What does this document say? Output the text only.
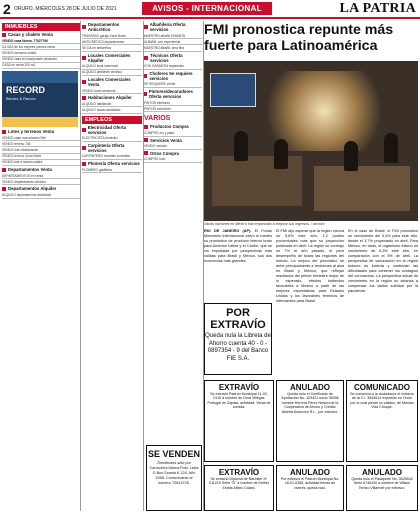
2 ORURO, MIÉRCOLES 28 DE JULIO DE 2021	AVISOS - INTERNACIONAL	LA PATRIA
INMUEBLES
Casas y chalets Venta
VENDO casa Nueva. 77627766
CA SAS de los mejores precios venta
VENDO hermoso chalet.
VENDO casa en inmejorable ubicación
CASA en venta 200 m2.
RECORD
Bienes & Raíces
Lotes y terrenos Venta
VENDO casa nueva barrio Ref.
VENDO terreno 7x8
VENDO lote urbanización
VENDO terreno Zona Norte
VENDO lote a media cuadra
Departamentos Venta
DEPARTAMENTOS en venta
VENDO departamento céntrico
Departamentos Alquiler
ALQUILO departamento amoblado
Departamentos Anticrético
TRASPASO garaje Zona Norte
ANTICRÉTICO departamento
SE DA en anticrético
Locales Comerciales Alquiler
ALQUILO local comercial
ALQUILO ambiente céntrico
Locales Comerciales Venta
VENDO local comercial
Habitaciones Alquiler
ALQUILO habitación
ALQUILO cuarto amoblado
EMPLEOS
Electricidad Oferta servicios
ELECTRICISTA domicilio
Carpintería Oferta servicios
CARPINTERO muebles a medida
Plomería Oferta servicios
PLOMERO gasfitería
Albañilería Oferta servicios
MAESTRO albañil 67684478
ALBAÑIL con experiencia
MAESTRO albañil, obra fina
Técnicos Oferta servicios
CON GARANTÍA reparación
Choferes Se requiere servicios
SE REQUIERE chofer
Pintores/decoradores Oferta servicios
PINTOR interiores
PINTOR exteriores
VARIOS
Productos Compra
COMPRO oro y plata
Servicios Venta
VENDO servicio
Otros Compra
COMPRO todo
SE VENDEN
Ómnibuses sólo por Carrocería Marca Polo, Letra G Bus Scania K 124, Año 2008. Comunicarse al número 72613725.
FMI pronostica repunte más fuerte para Latinoamérica
Varias naciones en México han empezado a mejorar sus ingresos. / archivo
RÍO DE JANEIRO (AP). El Fondo Monetario Internacional elevó el martes su pronóstico de producto interno bruto para América Latina y el Caribe, que se vio impulsada por perspectivas más sólidas para Brasil y México, sus dos economías más grandes.
El FMI dijo esperar que la región crezca un 5,8% este año, 1,2 puntos porcentuales más que su proyección publicada en abril. La región se contrajo un 7% el año pasado, el peor desempeño de todas las regiones del mundo. La mejora del pronóstico se debe principalmente a revisiones al alza en Brasil y México, que reflejan resultados del primer trimestre mejor de lo esperado, efectos indirectos favorables a México a partir de las mejores expectativas para Estados Unidos y los favorables términos de intercambio para Brasil.
En el caso de Brasil, el FMI pronosticó un crecimiento del 5,3% para este año, desde el 3,7% proyectado en abril. Para México, en tanto, el organismo estimó un crecimiento de 6,3% este año, en comparación con el 5% de abril. La perspectiva de vacunación en la región todavía es incierta y continúan las dificultades para contener los contagios del coronavirus. La perspectiva actual de crecimiento en la región no alcanza a compensar los daños sufridos por la pandemia.
POR EXTRAVÍO
Queda nula la Libreta de Ahorro cuenta 40 - 0 - 0897354 - 9 del Banco FIE S.A.
EXTRAVÍO
Se extravió Padrón Municipal 11-02-0110 a nombre de Dora Villegas Portugal de Zapata, actividad: Venta de comida.
ANULADO
Queda nulo el Certificado de Aportación No. 429421 socio 36396 nombre Herrera Pérez Nelson de la Cooperativa de Ahorro y Crédito Abierta Asunción R.L., por extravío.
COMUNICADO
Se comunica a la ciudadanía el extravío de la C.I. 3544614 expedido en Oruro por lo cual pierde su validez, de Mónica Viza Choque.
EXTRAVÍO
Se extravió Diploma de Bachiller N° 011215 Serie "D" a nombre de Esther Estela Albino Calani.
ANULADO
Por extravío el Padrón Municipal No. 18-01-0285, actividad tienda de víveres, queda nulo.
ANULADO
Queda nulo el Pasaporte No. 3525534 Serie A746430 a nombre de Wilson Terrico Villarroel por extravío.
